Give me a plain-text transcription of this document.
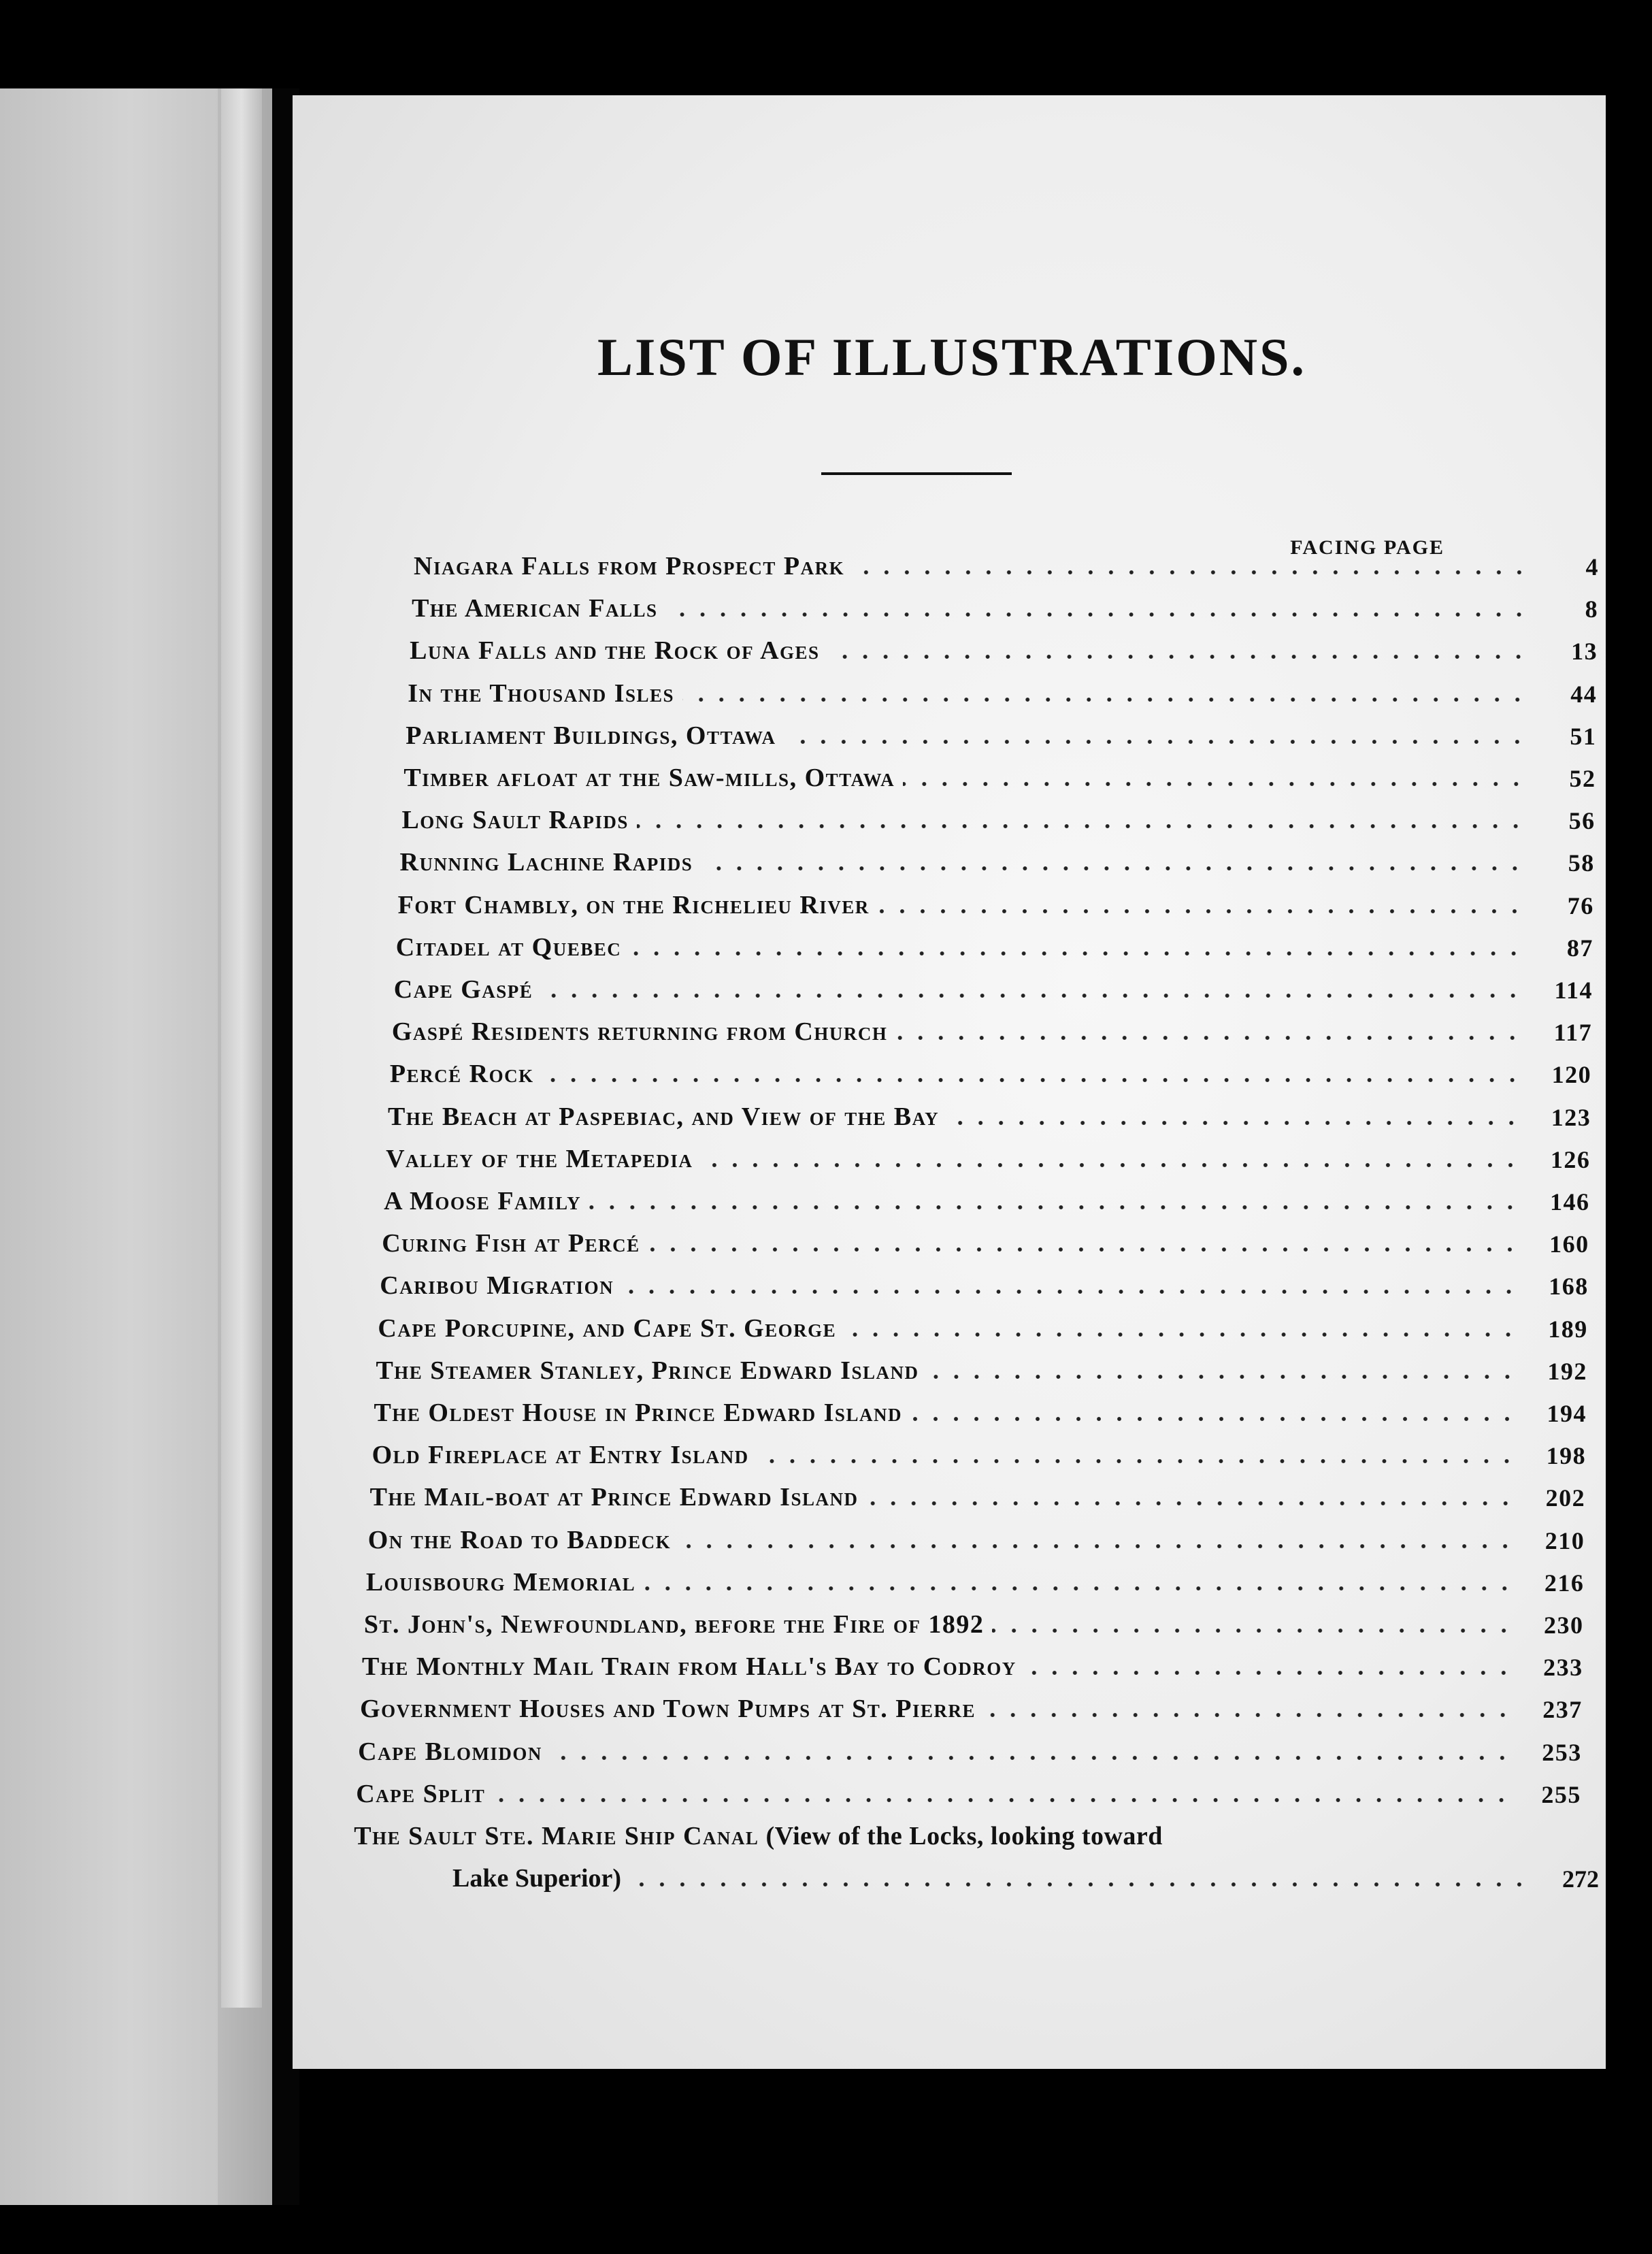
LIST OF ILLUSTRATIONS.
FACING PAGE
Niagara Falls from Prospect Park	4
The American Falls	8
Luna Falls and the Rock of Ages	13
In the Thousand Isles	44
Parliament Buildings, Ottawa	51
Timber afloat at the Saw-mills, Ottawa	52
Long Sault Rapids	56
Running Lachine Rapids	58
Fort Chambly, on the Richelieu River	76
Citadel at Quebec	87
Cape Gaspé	114
Gaspé Residents returning from Church	117
Percé Rock	120
The Beach at Paspebiac, and View of the Bay	123
Valley of the Metapedia	126
A Moose Family	146
Curing Fish at Percé	160
Caribou Migration	168
Cape Porcupine, and Cape St. George	189
The Steamer Stanley, Prince Edward Island	192
The Oldest House in Prince Edward Island	194
Old Fireplace at Entry Island	198
The Mail-boat at Prince Edward Island	202
On the Road to Baddeck	210
Louisbourg Memorial	216
St. John's, Newfoundland, before the Fire of 1892	230
The Monthly Mail Train from Hall's Bay to Codroy	233
Government Houses and Town Pumps at St. Pierre	237
Cape Blomidon	253
Cape Split	255
The Sault Ste. Marie Ship Canal (View of the Locks, looking toward
Lake Superior)	272
